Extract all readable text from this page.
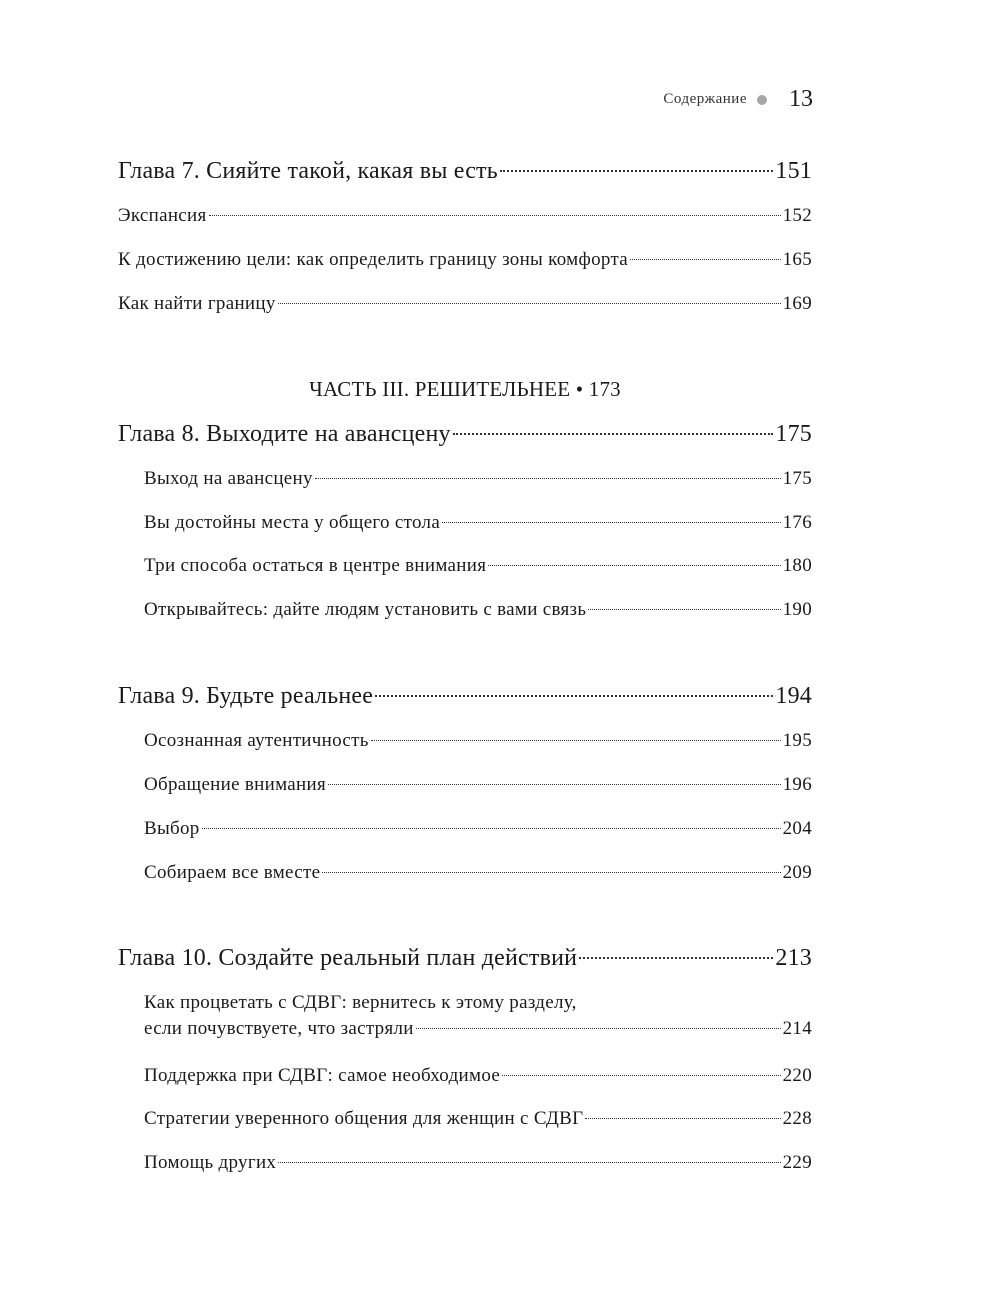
Содержание 13
Глава 7. Сияйте такой, какая вы есть	151
Экспансия	152
К достижению цели: как определить границу зоны комфорта	165
Как найти границу	169
ЧАСТЬ III. РЕШИТЕЛЬНЕЕ • 173
Глава 8. Выходите на авансцену	175
Выход на авансцену	175
Вы достойны места у общего стола	176
Три способа остаться в центре внимания	180
Открывайтесь: дайте людям установить с вами связь	190
Глава 9. Будьте реальнее	194
Осознанная аутентичность	195
Обращение внимания	196
Выбор	204
Собираем все вместе	209
Глава 10. Создайте реальный план действий	213
Как процветать с СДВГ: вернитесь к этому разделу,
если почувствуете, что застряли	214
Поддержка при СДВГ: самое необходимое	220
Стратегии уверенного общения для женщин с СДВГ	228
Помощь других	229
